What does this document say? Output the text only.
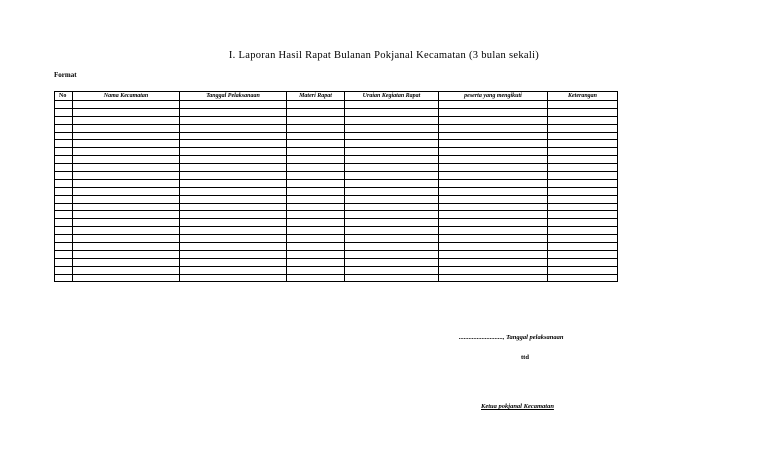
I. Laporan Hasil Rapat Bulanan Pokjanal Kecamatan (3 bulan sekali)
Format
No	Nama Kecamatan	Tanggal Pelaksanaan	Materi Rapat	Uraian Kegiatan Rapat	peserta yang mengikuti	Keterangan

..........................., Tanggal pelaksanaan
ttd
Ketua pokjanal Kecamatan
